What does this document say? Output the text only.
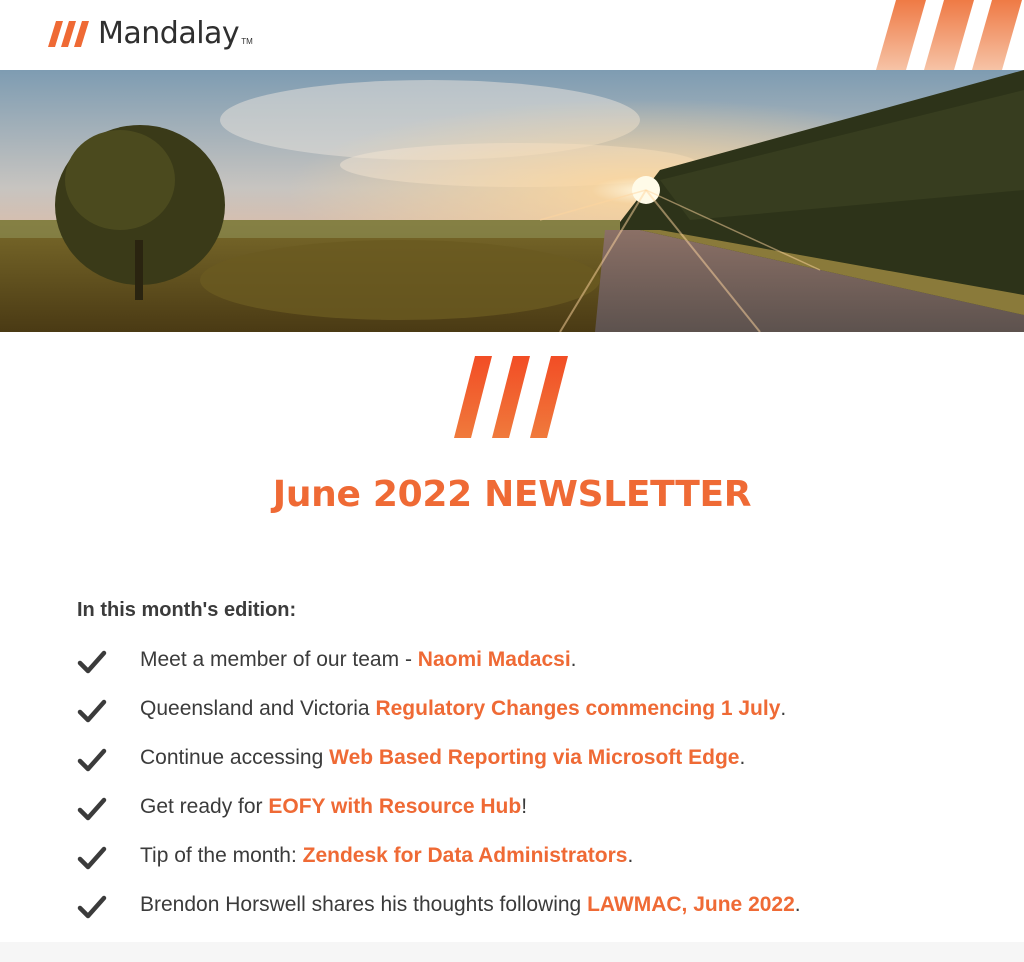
Mandalay TM
June 2022 NEWSLETTER
In this month's edition:
Meet a member of our team - Naomi Madacsi.
Queensland and Victoria Regulatory Changes commencing 1 July.
Continue accessing Web Based Reporting via Microsoft Edge.
Get ready for EOFY with Resource Hub!
Tip of the month: Zendesk for Data Administrators.
Brendon Horswell shares his thoughts following LAWMAC, June 2022.
